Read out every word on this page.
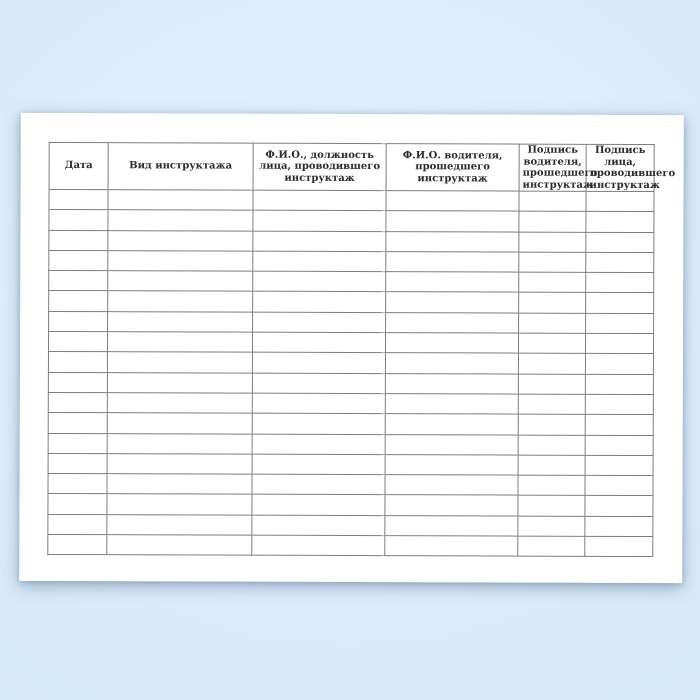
Дата	Вид инструктажа	Ф.И.О., должность лица, проводившего инструктаж	Ф.И.О. водителя, прошедшего инструктаж	Подпись водителя, прошедшего инструктаж	Подпись лица, проводившего инструктаж
